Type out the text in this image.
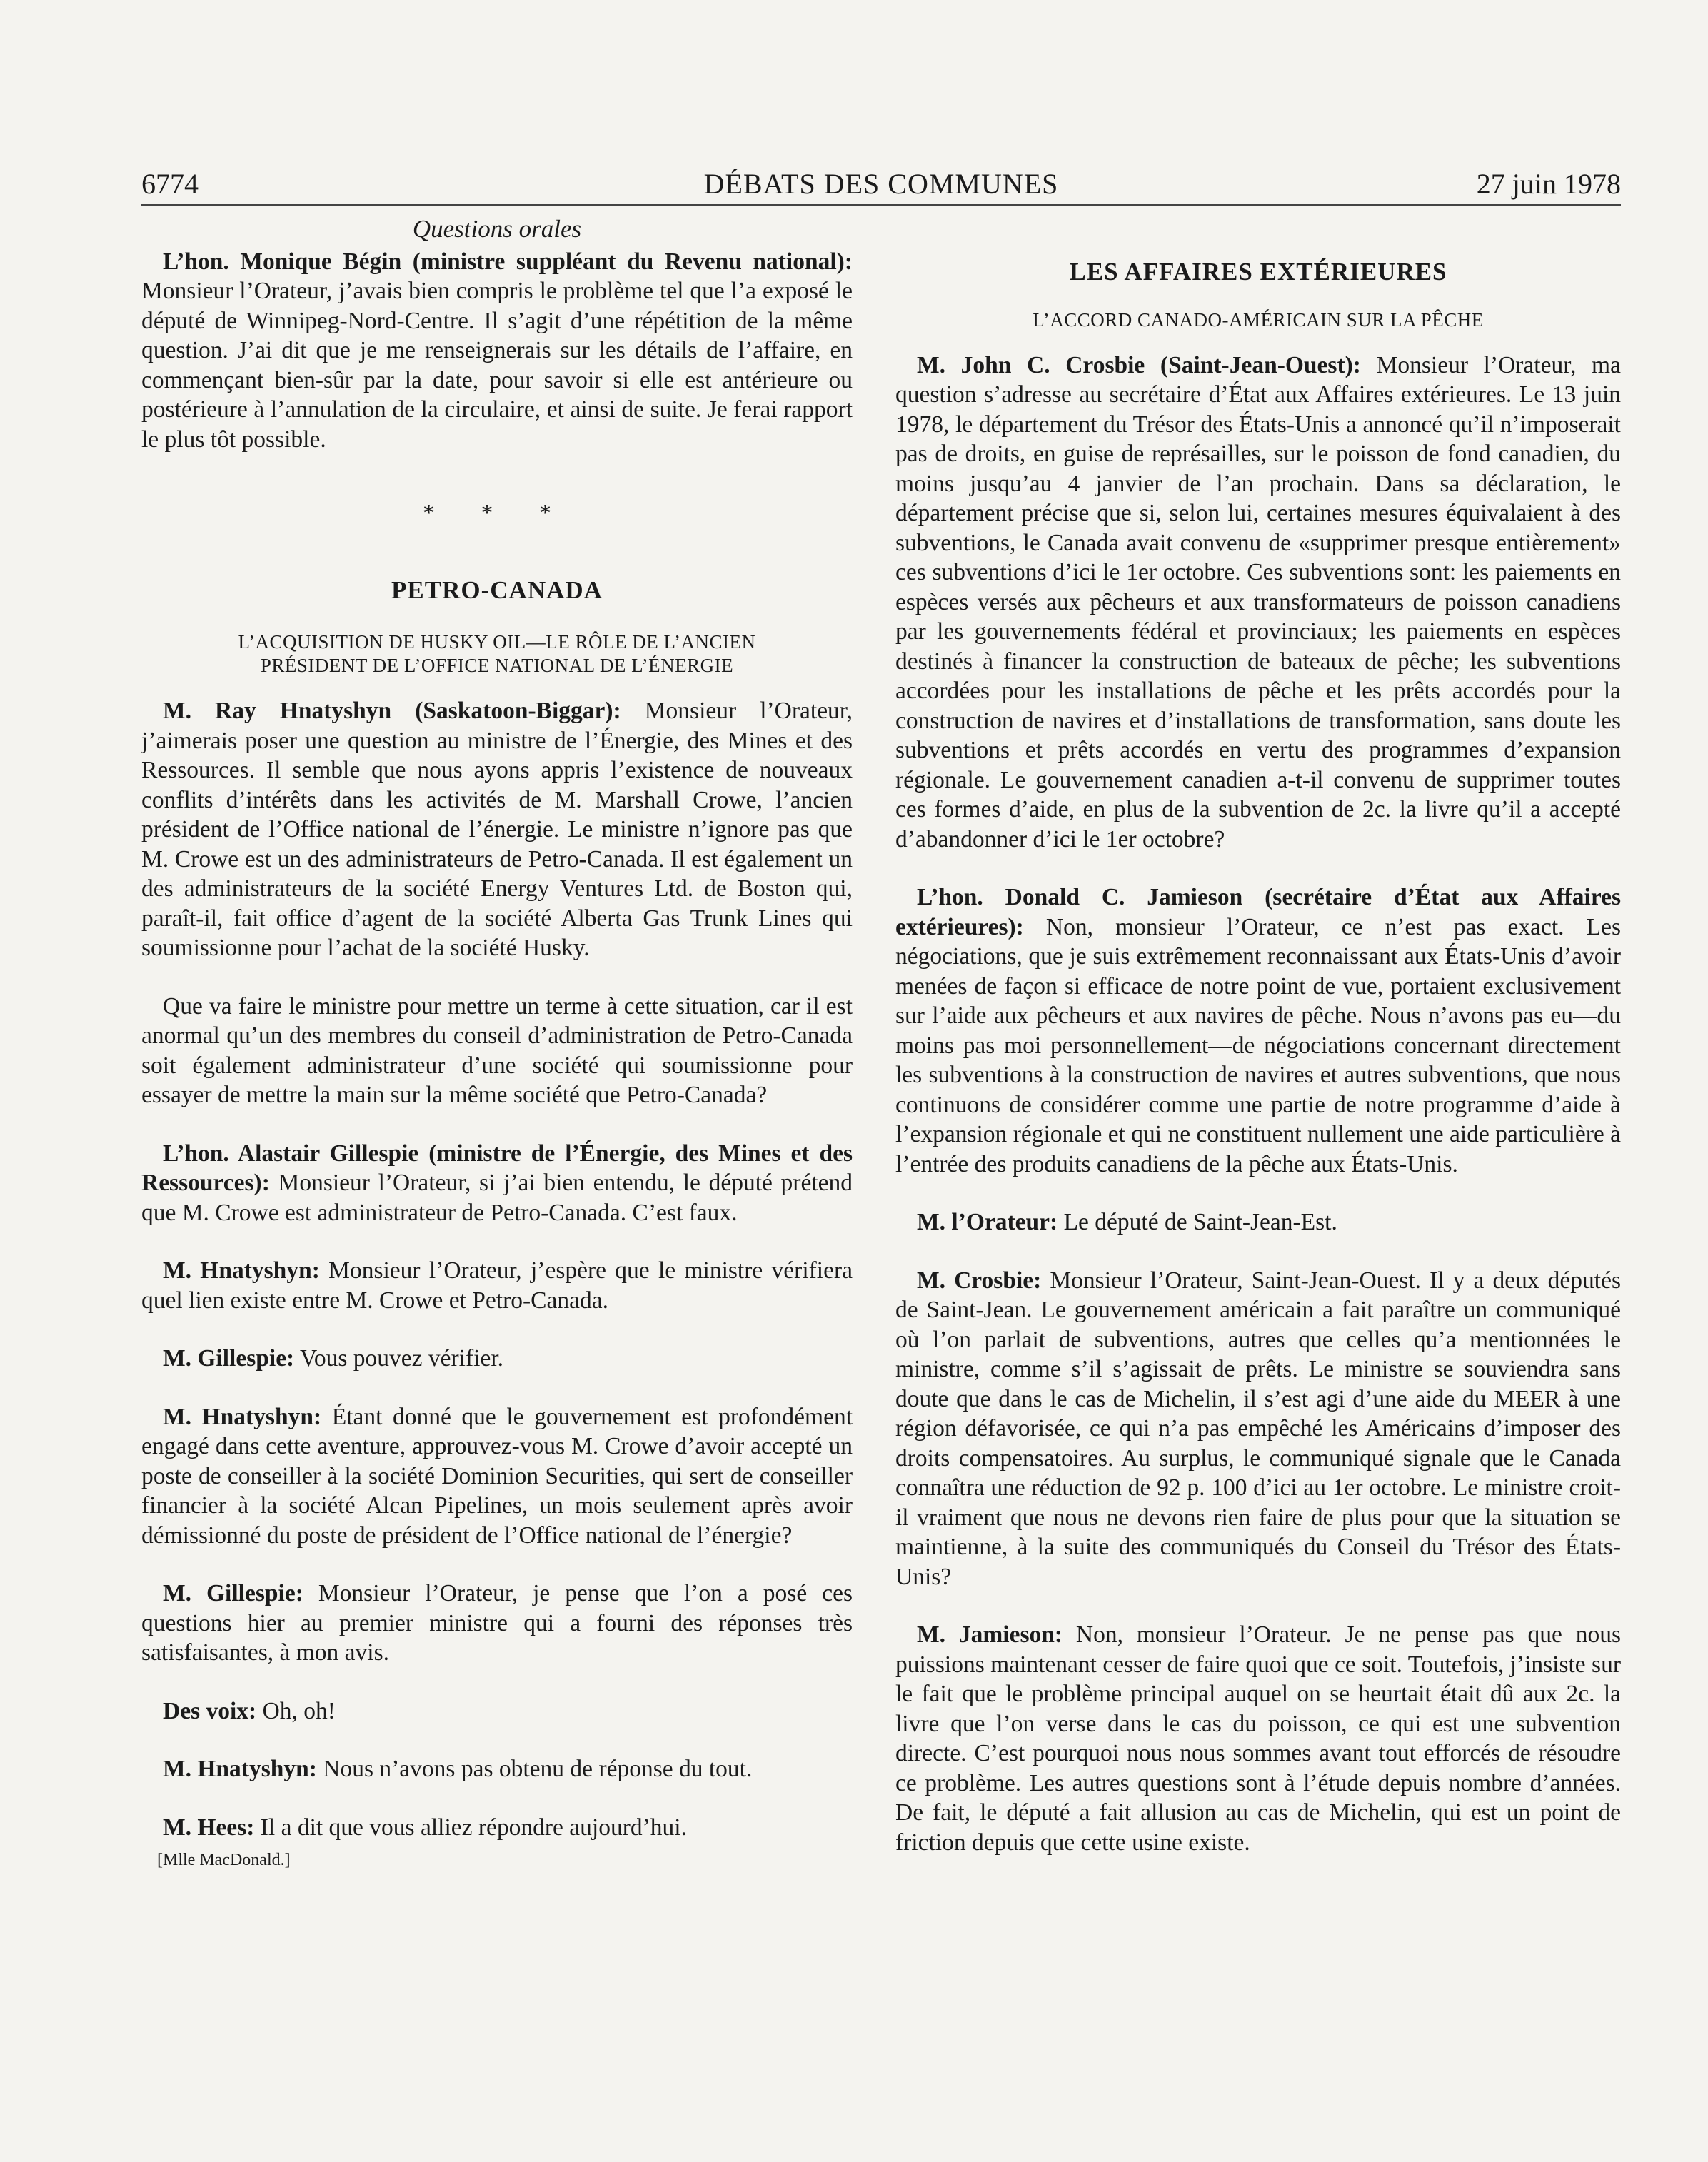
6774	DÉBATS DES COMMUNES	27 juin 1978
Questions orales

L’hon. Monique Bégin (ministre suppléant du Revenu national): Monsieur l’Orateur, j’avais bien compris le problème tel que l’a exposé le député de Winnipeg-Nord-Centre. Il s’agit d’une répétition de la même question. J’ai dit que je me renseignerais sur les détails de l’affaire, en commençant bien-sûr par la date, pour savoir si elle est antérieure ou postérieure à l’annulation de la circulaire, et ainsi de suite. Je ferai rapport le plus tôt possible.

* * *
PETRO-CANADA
L’ACQUISITION DE HUSKY OIL—LE RÔLE DE L’ANCIEN
PRÉSIDENT DE L’OFFICE NATIONAL DE L’ÉNERGIE

M. Ray Hnatyshyn (Saskatoon-Biggar): Monsieur l’Orateur, j’aimerais poser une question au ministre de l’Énergie, des Mines et des Ressources. Il semble que nous ayons appris l’existence de nouveaux conflits d’intérêts dans les activités de M. Marshall Crowe, l’ancien président de l’Office national de l’énergie. Le ministre n’ignore pas que M. Crowe est un des administrateurs de Petro-Canada. Il est également un des administrateurs de la société Energy Ventures Ltd. de Boston qui, paraît-il, fait office d’agent de la société Alberta Gas Trunk Lines qui soumissionne pour l’achat de la société Husky.

Que va faire le ministre pour mettre un terme à cette situation, car il est anormal qu’un des membres du conseil d’administration de Petro-Canada soit également administrateur d’une société qui soumissionne pour essayer de mettre la main sur la même société que Petro-Canada?

L’hon. Alastair Gillespie (ministre de l’Énergie, des Mines et des Ressources): Monsieur l’Orateur, si j’ai bien entendu, le député prétend que M. Crowe est administrateur de Petro-Canada. C’est faux.

M. Hnatyshyn: Monsieur l’Orateur, j’espère que le ministre vérifiera quel lien existe entre M. Crowe et Petro-Canada.

M. Gillespie: Vous pouvez vérifier.

M. Hnatyshyn: Étant donné que le gouvernement est profondément engagé dans cette aventure, approuvez-vous M. Crowe d’avoir accepté un poste de conseiller à la société Dominion Securities, qui sert de conseiller financier à la société Alcan Pipelines, un mois seulement après avoir démissionné du poste de président de l’Office national de l’énergie?

M. Gillespie: Monsieur l’Orateur, je pense que l’on a posé ces questions hier au premier ministre qui a fourni des réponses très satisfaisantes, à mon avis.

Des voix: Oh, oh!

M. Hnatyshyn: Nous n’avons pas obtenu de réponse du tout.

M. Hees: Il a dit que vous alliez répondre aujourd’hui.

[Mlle MacDonald.]
LES AFFAIRES EXTÉRIEURES
L’ACCORD CANADO-AMÉRICAIN SUR LA PÊCHE

M. John C. Crosbie (Saint-Jean-Ouest): Monsieur l’Orateur, ma question s’adresse au secrétaire d’État aux Affaires extérieures. Le 13 juin 1978, le département du Trésor des États-Unis a annoncé qu’il n’imposerait pas de droits, en guise de représailles, sur le poisson de fond canadien, du moins jusqu’au 4 janvier de l’an prochain. Dans sa déclaration, le département précise que si, selon lui, certaines mesures équivalaient à des subventions, le Canada avait convenu de «supprimer presque entièrement» ces subventions d’ici le 1er octobre. Ces subventions sont: les paiements en espèces versés aux pêcheurs et aux transformateurs de poisson canadiens par les gouvernements fédéral et provinciaux; les paiements en espèces destinés à financer la construction de bateaux de pêche; les subventions accordées pour les installations de pêche et les prêts accordés pour la construction de navires et d’installations de transformation, sans doute les subventions et prêts accordés en vertu des programmes d’expansion régionale. Le gouvernement canadien a-t-il convenu de supprimer toutes ces formes d’aide, en plus de la subvention de 2c. la livre qu’il a accepté d’abandonner d’ici le 1er octobre?

L’hon. Donald C. Jamieson (secrétaire d’État aux Affaires extérieures): Non, monsieur l’Orateur, ce n’est pas exact. Les négociations, que je suis extrêmement reconnaissant aux États-Unis d’avoir menées de façon si efficace de notre point de vue, portaient exclusivement sur l’aide aux pêcheurs et aux navires de pêche. Nous n’avons pas eu—du moins pas moi personnellement—de négociations concernant directement les subventions à la construction de navires et autres subventions, que nous continuons de considérer comme une partie de notre programme d’aide à l’expansion régionale et qui ne constituent nullement une aide particulière à l’entrée des produits canadiens de la pêche aux États-Unis.

M. l’Orateur: Le député de Saint-Jean-Est.

M. Crosbie: Monsieur l’Orateur, Saint-Jean-Ouest. Il y a deux députés de Saint-Jean. Le gouvernement américain a fait paraître un communiqué où l’on parlait de subventions, autres que celles qu’a mentionnées le ministre, comme s’il s’agissait de prêts. Le ministre se souviendra sans doute que dans le cas de Michelin, il s’est agi d’une aide du MEER à une région défavorisée, ce qui n’a pas empêché les Américains d’imposer des droits compensatoires. Au surplus, le communiqué signale que le Canada connaîtra une réduction de 92 p. 100 d’ici au 1er octobre. Le ministre croit-il vraiment que nous ne devons rien faire de plus pour que la situation se maintienne, à la suite des communiqués du Conseil du Trésor des États-Unis?

M. Jamieson: Non, monsieur l’Orateur. Je ne pense pas que nous puissions maintenant cesser de faire quoi que ce soit. Toutefois, j’insiste sur le fait que le problème principal auquel on se heurtait était dû aux 2c. la livre que l’on verse dans le cas du poisson, ce qui est une subvention directe. C’est pourquoi nous nous sommes avant tout efforcés de résoudre ce problème. Les autres questions sont à l’étude depuis nombre d’années. De fait, le député a fait allusion au cas de Michelin, qui est un point de friction depuis que cette usine existe.
